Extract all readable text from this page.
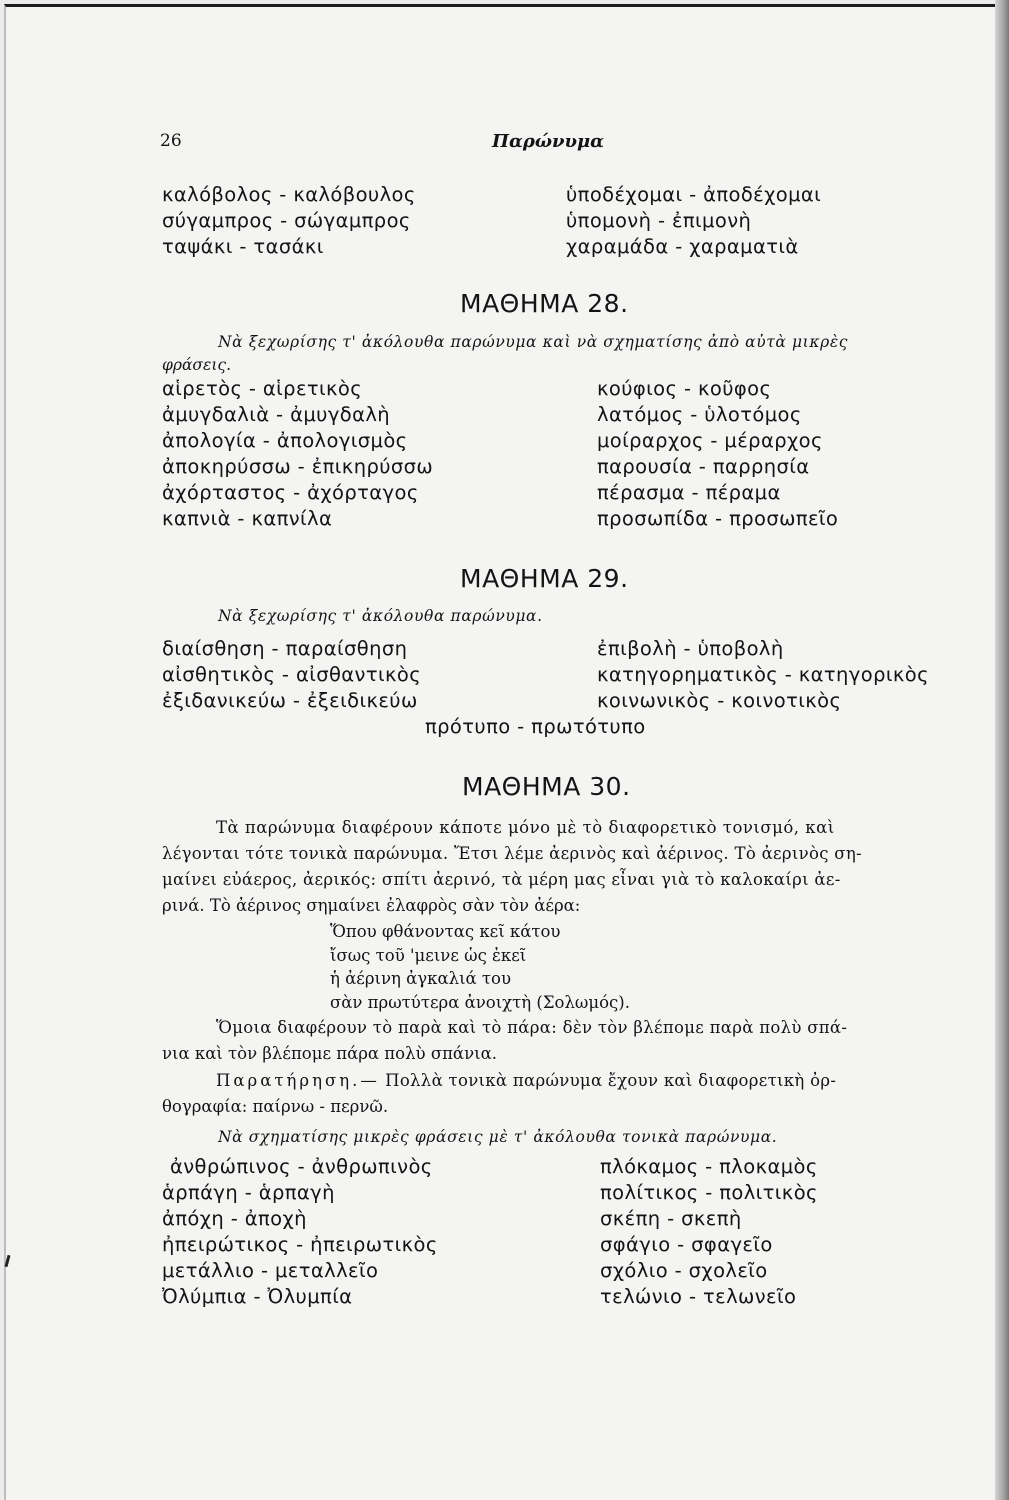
26	Παρώνυμα
καλόβολος - καλόβουλος
σύγαμπρος - σώγαμπρος
ταψάκι - τασάκι
ὑποδέχομαι - ἀποδέχομαι
ὑπομονὴ - ἐπιμονὴ
χαραμάδα - χαραματιὰ
ΜΑΘΗΜΑ 28.
Νὰ ξεχωρίσης τ' ἀκόλουθα παρώνυμα καὶ νὰ σχηματίσης ἀπὸ αὐτὰ μικρὲς
φράσεις.
αἱρετὸς - αἱρετικὸς
ἀμυγδαλιὰ - ἀμυγδαλὴ
ἀπολογία - ἀπολογισμὸς
ἀποκηρύσσω - ἐπικηρύσσω
ἀχόρταστος - ἀχόρταγος
καπνιὰ - καπνίλα
κούφιος - κοῦφος
λατόμος - ὑλοτόμος
μοίραρχος - μέραρχος
παρουσία - παρρησία
πέρασμα - πέραμα
προσωπίδα - προσωπεῖο
ΜΑΘΗΜΑ 29.
Νὰ ξεχωρίσης τ' ἀκόλουθα παρώνυμα.
διαίσθηση - παραίσθηση
αἰσθητικὸς - αἰσθαντικὸς
ἐξιδανικεύω - ἐξειδικεύω
ἐπιβολὴ - ὑποβολὴ
κατηγορηματικὸς - κατηγορικὸς
κοινωνικὸς - κοινοτικὸς
πρότυπο - πρωτότυπο
ΜΑΘΗΜΑ 30.
Τὰ παρώνυμα διαφέρουν κάποτε μόνο μὲ τὸ διαφορετικὸ τονισμό, καὶ
λέγονται τότε τονικὰ παρώνυμα. Ἔτσι λέμε ἀερινὸς καὶ ἀέρινος. Τὸ ἀερινὸς ση-
μαίνει εὐάερος, ἀερικός: σπίτι ἀερινό, τὰ μέρη μας εἶναι γιὰ τὸ καλοκαίρι ἀε-
ρινά. Τὸ ἀέρινος σημαίνει ἐλαφρὸς σὰν τὸν ἀέρα:
Ὅπου φθάνοντας κεῖ κάτου
ἴσως τοῦ 'μεινε ὡς ἐκεῖ
ἡ ἀέρινη ἀγκαλιά του
σὰν πρωτύτερα ἀνοιχτὴ (Σολωμός).
Ὅμοια διαφέρουν τὸ παρὰ καὶ τὸ πάρα: δὲν τὸν βλέπομε παρὰ πολὺ σπά-
νια καὶ τὸν βλέπομε πάρα πολὺ σπάνια.
Παρατήρηση.— Πολλὰ τονικὰ παρώνυμα ἔχουν καὶ διαφορετικὴ ὀρ-
θογραφία: παίρνω - περνῶ.
Νὰ σχηματίσης μικρὲς φράσεις μὲ τ' ἀκόλουθα τονικὰ παρώνυμα.
ἀνθρώπινος - ἀνθρωπινὸς
ἁρπάγη - ἁρπαγὴ
ἀπόχη - ἀποχὴ
ἠπειρώτικος - ἠπειρωτικὸς
μετάλλιο - μεταλλεῖο
Ὀλύμπια - Ὀλυμπία
πλόκαμος - πλοκαμὸς
πολίτικος - πολιτικὸς
σκέπη - σκεπὴ
σφάγιο - σφαγεῖο
σχόλιο - σχολεῖο
τελώνιο - τελωνεῖο
